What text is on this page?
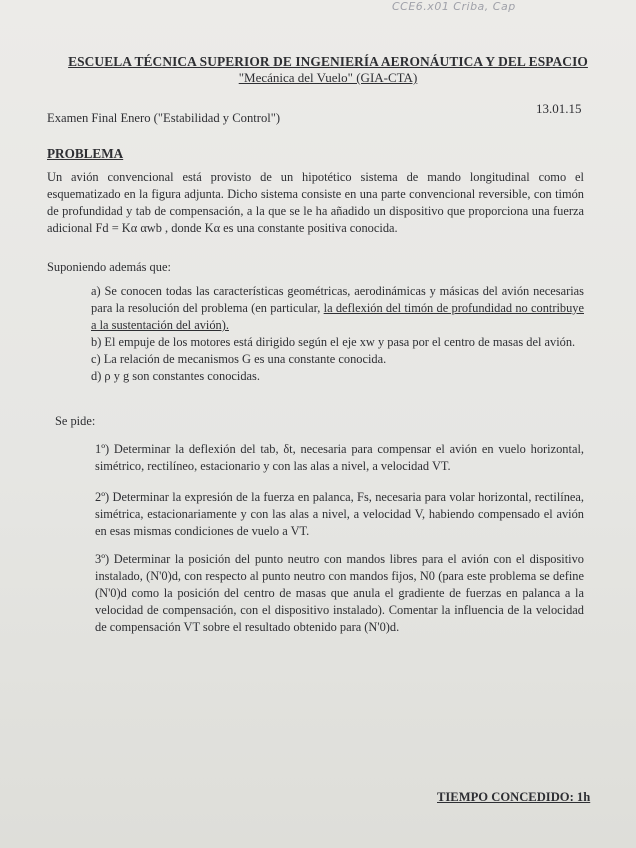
CCE6.x01 Criba, Cap
ESCUELA TÉCNICA SUPERIOR DE INGENIERÍA AERONÁUTICA Y DEL ESPACIO
"Mecánica del Vuelo" (GIA-CTA)
Examen Final Enero ("Estabilidad y Control")
13.01.15
PROBLEMA

Un avión convencional está provisto de un hipotético sistema de mando longitudinal como el esquematizado en la figura adjunta. Dicho sistema consiste en una parte convencional reversible, con timón de profundidad y tab de compensación, a la que se le ha añadido un dispositivo que proporciona una fuerza adicional Fd = Kα αwb , donde Kα es una constante positiva conocida.

Suponiendo además que:

a) Se conocen todas las características geométricas, aerodinámicas y másicas del avión necesarias para la resolución del problema (en particular, la deflexión del timón de profundidad no contribuye a la sustentación del avión).

b) El empuje de los motores está dirigido según el eje xw y pasa por el centro de masas del avión.

c) La relación de mecanismos G es una constante conocida.

d) ρ y g son constantes conocidas.

Se pide:

1º) Determinar la deflexión del tab, δt, necesaria para compensar el avión en vuelo horizontal, simétrico, rectilíneo, estacionario y con las alas a nivel, a velocidad VT.

2º) Determinar la expresión de la fuerza en palanca, Fs, necesaria para volar horizontal, rectilínea, simétrica, estacionariamente y con las alas a nivel, a velocidad V, habiendo compensado el avión en esas mismas condiciones de vuelo a VT.

3º) Determinar la posición del punto neutro con mandos libres para el avión con el dispositivo instalado, (N'0)d, con respecto al punto neutro con mandos fijos, N0 (para este problema se define (N'0)d como la posición del centro de masas que anula el gradiente de fuerzas en palanca a la velocidad de compensación, con el dispositivo instalado). Comentar la influencia de la velocidad de compensación VT sobre el resultado obtenido para (N'0)d.

TIEMPO CONCEDIDO: 1h
